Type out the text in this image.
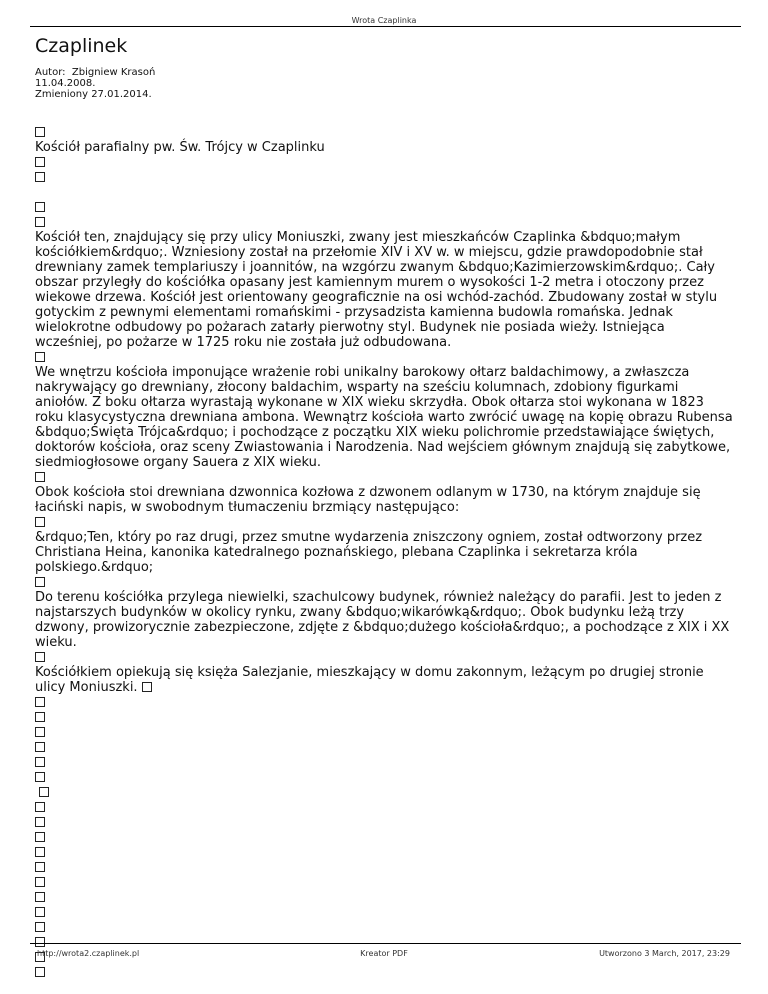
Wrota Czaplinka
Czaplinek
Autor: Zbigniew Krasoń
11.04.2008.
Zmieniony 27.01.2014.
Kościół parafialny pw. Św. Trójcy w Czaplinku
Kościół ten, znajdujący się przy ulicy Moniuszki, zwany jest mieszkańców Czaplinka &bdquo;małym kościółkiem&rdquo;. Wzniesiony został na przełomie XIV i XV w. w miejscu, gdzie prawdopodobnie stał drewniany zamek templariuszy i joannitów, na wzgórzu zwanym &bdquo;Kazimierzowskim&rdquo;. Cały obszar przyległy do kościółka opasany jest kamiennym murem o wysokości 1-2 metra i otoczony przez wiekowe drzewa. Kościół jest orientowany geograficznie na osi wchód-zachód. Zbudowany został w stylu gotyckim z pewnymi elementami romańskimi - przysadzista kamienna budowla romańska. Jednak wielokrotne odbudowy po pożarach zatarły pierwotny styl. Budynek nie posiada wieży. Istniejąca wcześniej, po pożarze w 1725 roku nie została już odbudowana.
We wnętrzu kościoła imponujące wrażenie robi unikalny barokowy ołtarz baldachimowy, a zwłaszcza nakrywający go drewniany, złocony baldachim, wsparty na sześciu kolumnach, zdobiony figurkami aniołów. Z boku ołtarza wyrastają wykonane w XIX wieku skrzydła. Obok ołtarza stoi wykonana w 1823 roku klasycystyczna drewniana ambona. Wewnątrz kościoła warto zwrócić uwagę na kopię obrazu Rubensa &bdquo;Święta Trójca&rdquo; i pochodzące z początku XIX wieku polichromie przedstawiające świętych, doktorów kościoła, oraz sceny Zwiastowania i Narodzenia. Nad wejściem głównym znajdują się zabytkowe, siedmiogłosowe organy Sauera z XIX wieku.
Obok kościoła stoi drewniana dzwonnica kozłowa z dzwonem odlanym w 1730, na którym znajduje się łaciński napis, w swobodnym tłumaczeniu brzmiący następująco:
&rdquo;Ten, który po raz drugi, przez smutne wydarzenia zniszczony ogniem, został odtworzony przez Christiana Heina, kanonika katedralnego poznańskiego, plebana Czaplinka i sekretarza króla polskiego.&rdquo;
Do terenu kościółka przylega niewielki, szachulcowy budynek, również należący do parafii. Jest to jeden z najstarszych budynków w okolicy rynku, zwany &bdquo;wikarówką&rdquo;. Obok budynku leżą trzy dzwony, prowizorycznie zabezpieczone, zdjęte z &bdquo;dużego kościoła&rdquo;, a pochodzące z XIX i XX wieku.
Kościółkiem opiekują się księża Salezjanie, mieszkający w domu zakonnym, leżącym po drugiej stronie ulicy Moniuszki.
http://wrota2.czaplinek.pl	Kreator PDF	Utworzono 3 March, 2017, 23:29
